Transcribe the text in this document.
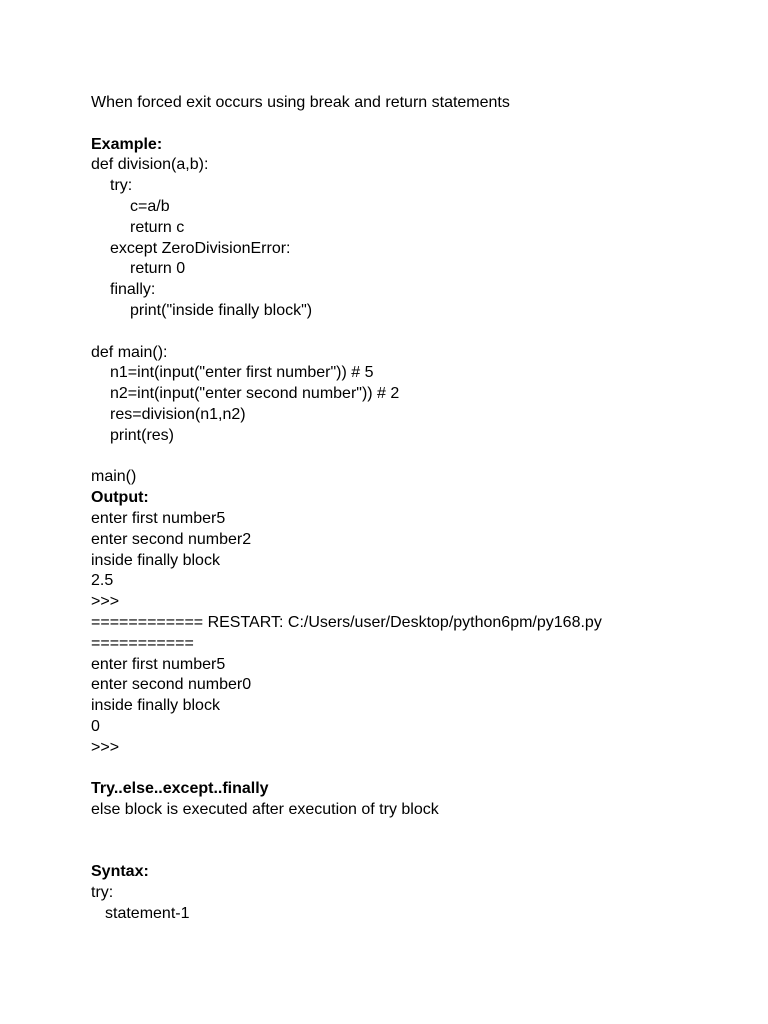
When forced exit occurs using break and return statements
Example:
def division(a,b):
try:
c=a/b
return c
except ZeroDivisionError:
return 0
finally:
print("inside finally block")
def main():
n1=int(input("enter first number")) # 5
n2=int(input("enter second number")) # 2
res=division(n1,n2)
print(res)
main()
Output:
enter first number5
enter second number2
inside finally block
2.5
>>>
============ RESTART: C:/Users/user/Desktop/python6pm/py168.py
===========
enter first number5
enter second number0
inside finally block
0
>>>
Try..else..except..finally
else block is executed after execution of try block
Syntax:
try:
statement-1
